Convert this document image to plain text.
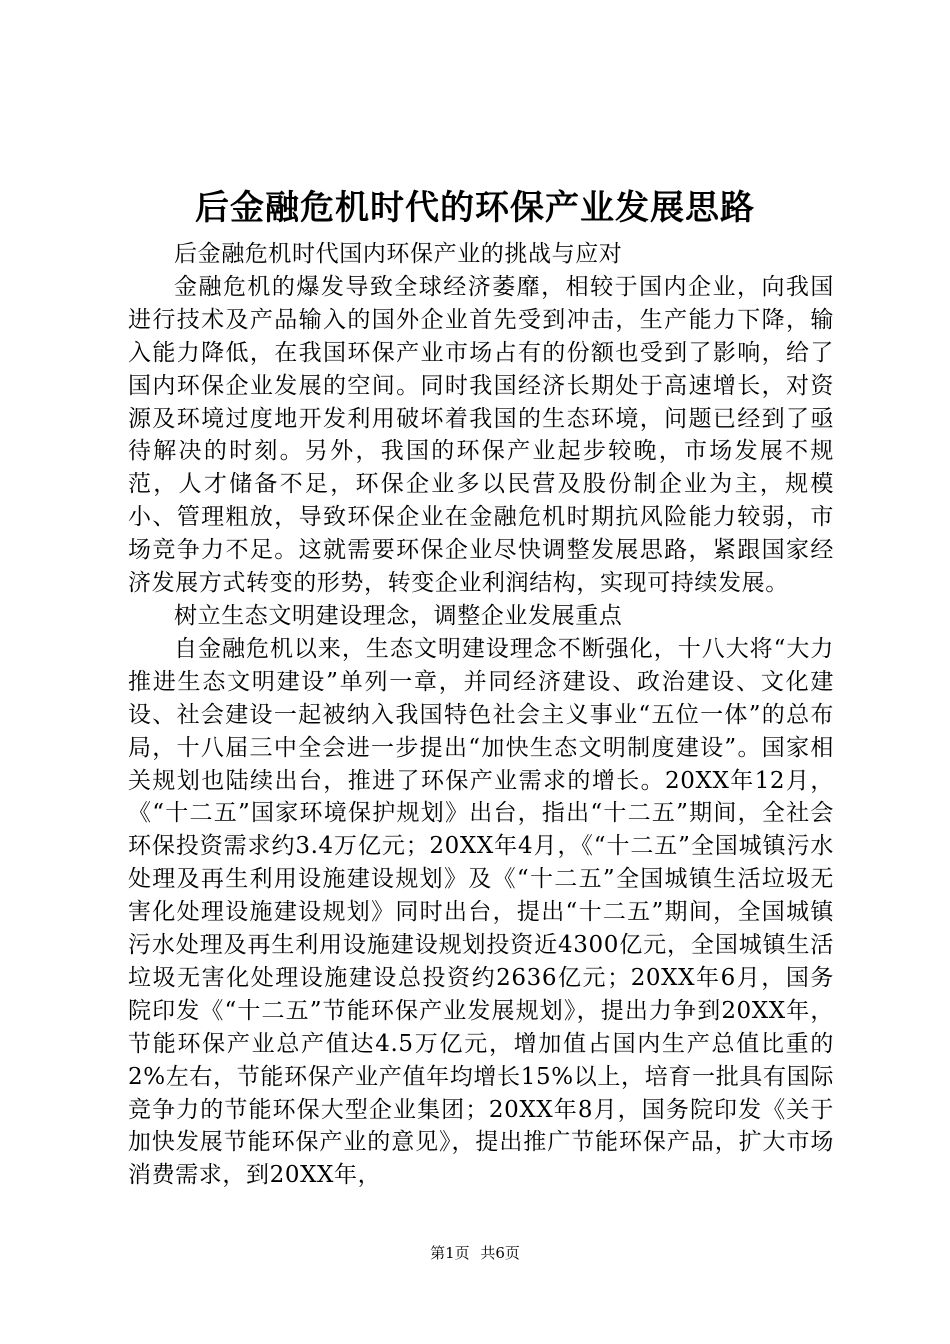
后金融危机时代的环保产业发展思路

后金融危机时代国内环保产业的挑战与应对

金融危机的爆发导致全球经济萎靡，相较于国内企业，向我国进行技术及产品输入的国外企业首先受到冲击，生产能力下降，输入能力降低，在我国环保产业市场占有的份额也受到了影响，给了国内环保企业发展的空间。同时我国经济长期处于高速增长，对资源及环境过度地开发利用破坏着我国的生态环境，问题已经到了亟待解决的时刻。另外，我国的环保产业起步较晚，市场发展不规范，人才储备不足，环保企业多以民营及股份制企业为主，规模小、管理粗放，导致环保企业在金融危机时期抗风险能力较弱，市场竞争力不足。这就需要环保企业尽快调整发展思路，紧跟国家经济发展方式转变的形势，转变企业利润结构，实现可持续发展。

树立生态文明建设理念，调整企业发展重点

自金融危机以来，生态文明建设理念不断强化，十八大将“大力推进生态文明建设”单列一章，并同经济建设、政治建设、文化建设、社会建设一起被纳入我国特色社会主义事业“五位一体”的总布局，十八届三中全会进一步提出“加快生态文明制度建设”。国家相关规划也陆续出台，推进了环保产业需求的增长。20XX年12月，《“十二五”国家环境保护规划》出台，指出“十二五”期间，全社会环保投资需求约3.4万亿元；20XX年4月，《“十二五”全国城镇污水处理及再生利用设施建设规划》及《“十二五”全国城镇生活垃圾无害化处理设施建设规划》同时出台，提出“十二五”期间，全国城镇污水处理及再生利用设施建设规划投资近4300亿元，全国城镇生活垃圾无害化处理设施建设总投资约2636亿元；20XX年6月，国务院印发《“十二五”节能环保产业发展规划》，提出力争到20XX年，节能环保产业总产值达4.5万亿元，增加值占国内生产总值比重的2%左右，节能环保产业产值年均增长15%以上，培育一批具有国际竞争力的节能环保大型企业集团；20XX年8月，国务院印发《关于加快发展节能环保产业的意见》，提出推广节能环保产品，扩大市场消费需求，到20XX年，

第1页 共6页
